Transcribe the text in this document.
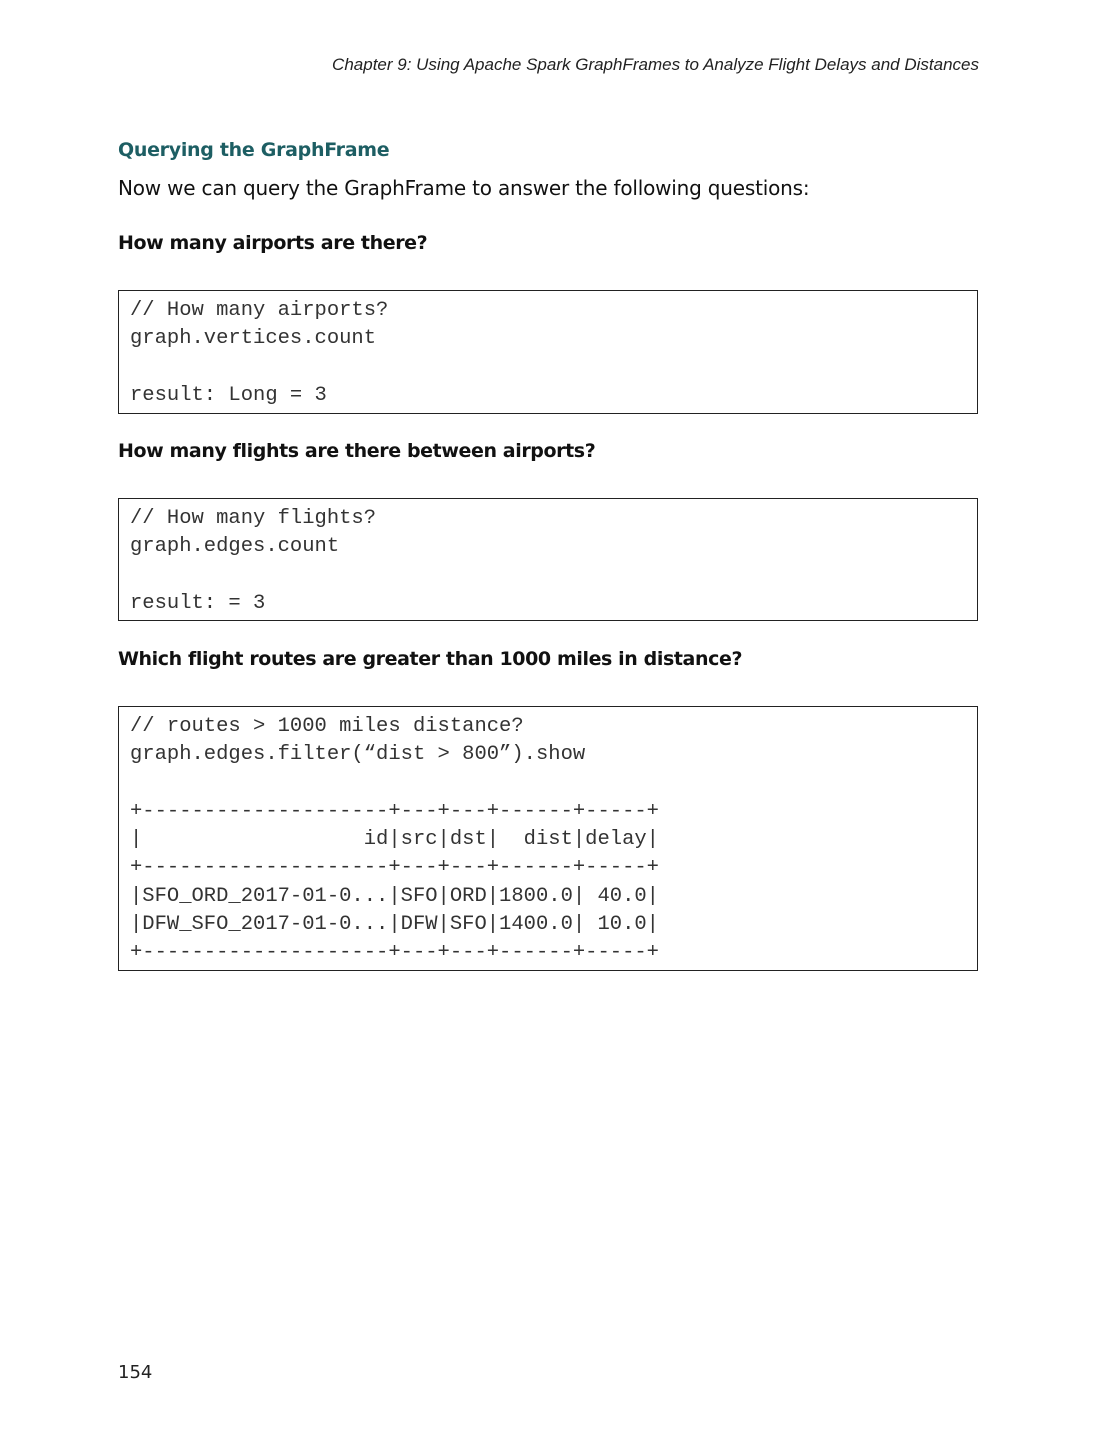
Chapter 9: Using Apache Spark GraphFrames to Analyze Flight Delays and Distances
Querying the GraphFrame
Now we can query the GraphFrame to answer the following questions:
How many airports are there?
// How many airports?
graph.vertices.count
result: Long = 3
How many flights are there between airports?
// How many flights?
graph.edges.count
result: = 3
Which flight routes are greater than 1000 miles in distance?
// routes > 1000 miles distance?
graph.edges.filter(“dist > 800”).show
+--------------------+---+---+------+-----+
|                  id|src|dst|  dist|delay|
+--------------------+---+---+------+-----+
|SFO_ORD_2017-01-0...|SFO|ORD|1800.0| 40.0|
|DFW_SFO_2017-01-0...|DFW|SFO|1400.0| 10.0|
+--------------------+---+---+------+-----+
154
